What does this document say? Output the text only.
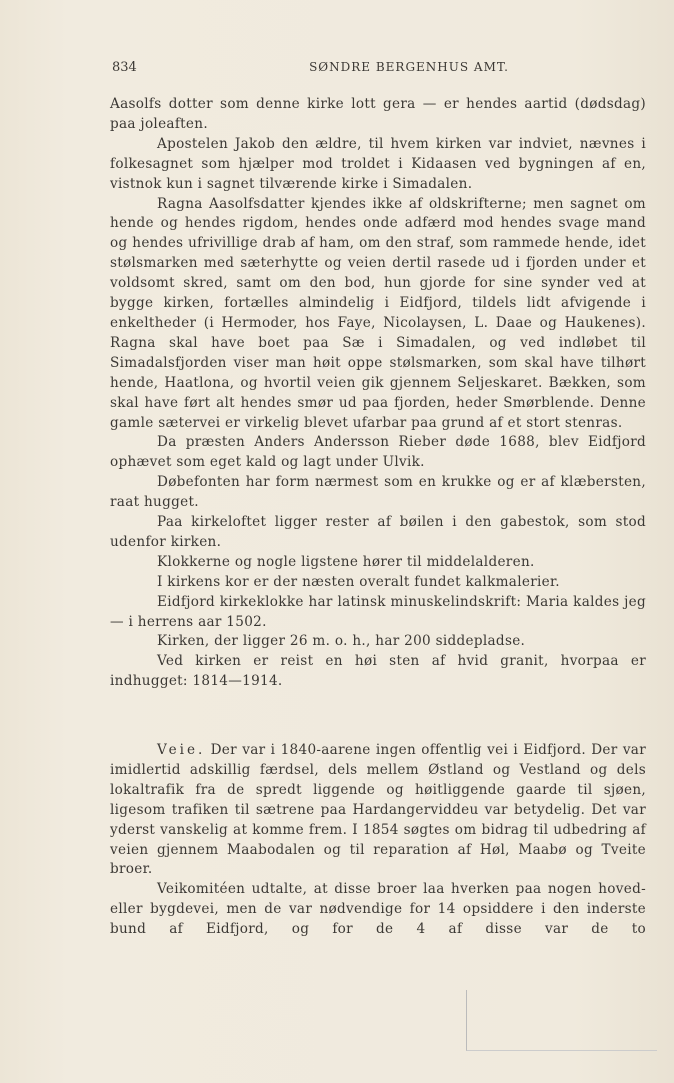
834	SØNDRE BERGENHUS AMT.

Aasolfs dotter som denne kirke lott gera — er hendes aartid (dødsdag) paa joleaften.

Apostelen Jakob den ældre, til hvem kirken var indviet, nævnes i folkesagnet som hjælper mod troldet i Kidaasen ved bygningen af en, vistnok kun i sagnet tilværende kirke i Simadalen.

Ragna Aasolfsdatter kjendes ikke af oldskrifterne; men sagnet om hende og hendes rigdom, hendes onde adfærd mod hendes svage mand og hendes ufrivillige drab af ham, om den straf, som rammede hende, idet stølsmarken med sæterhytte og veien dertil rasede ud i fjorden under et voldsomt skred, samt om den bod, hun gjorde for sine synder ved at bygge kirken, fortælles almindelig i Eidfjord, tildels lidt afvigende i enkeltheder (i Hermoder, hos Faye, Nicolaysen, L. Daae og Haukenes). Ragna skal have boet paa Sæ i Simadalen, og ved indløbet til Simadalsfjorden viser man høit oppe stølsmarken, som skal have tilhørt hende, Haatlona, og hvortil veien gik gjennem Seljeskaret. Bækken, som skal have ført alt hendes smør ud paa fjorden, heder Smørblende. Denne gamle sætervei er virkelig blevet ufarbar paa grund af et stort stenras.

Da præsten Anders Andersson Rieber døde 1688, blev Eidfjord ophævet som eget kald og lagt under Ulvik.

Døbefonten har form nærmest som en krukke og er af klæbersten, raat hugget.

Paa kirkeloftet ligger rester af bøilen i den gabestok, som stod udenfor kirken.

Klokkerne og nogle ligstene hører til middelalderen.

I kirkens kor er der næsten overalt fundet kalkmalerier.

Eidfjord kirkeklokke har latinsk minuskelindskrift: Maria kaldes jeg — i herrens aar 1502.

Kirken, der ligger 26 m. o. h., har 200 siddepladse.

Ved kirken er reist en høi sten af hvid granit, hvorpaa er indhugget: 1814—1914.

Veie. Der var i 1840-aarene ingen offentlig vei i Eidfjord. Der var imidlertid adskillig færdsel, dels mellem Østland og Vestland og dels lokaltrafik fra de spredt liggende og høitliggende gaarde til sjøen, ligesom trafiken til sætrene paa Hardangerviddeu var betydelig. Det var yderst vanskelig at komme frem. I 1854 søgtes om bidrag til udbedring af veien gjennem Maabodalen og til reparation af Høl, Maabø og Tveite broer.

Veikomitéen udtalte, at disse broer laa hverken paa nogen hoved- eller bygdevei, men de var nødvendige for 14 opsiddere i den inderste bund af Eidfjord, og for de 4 af disse var de to
